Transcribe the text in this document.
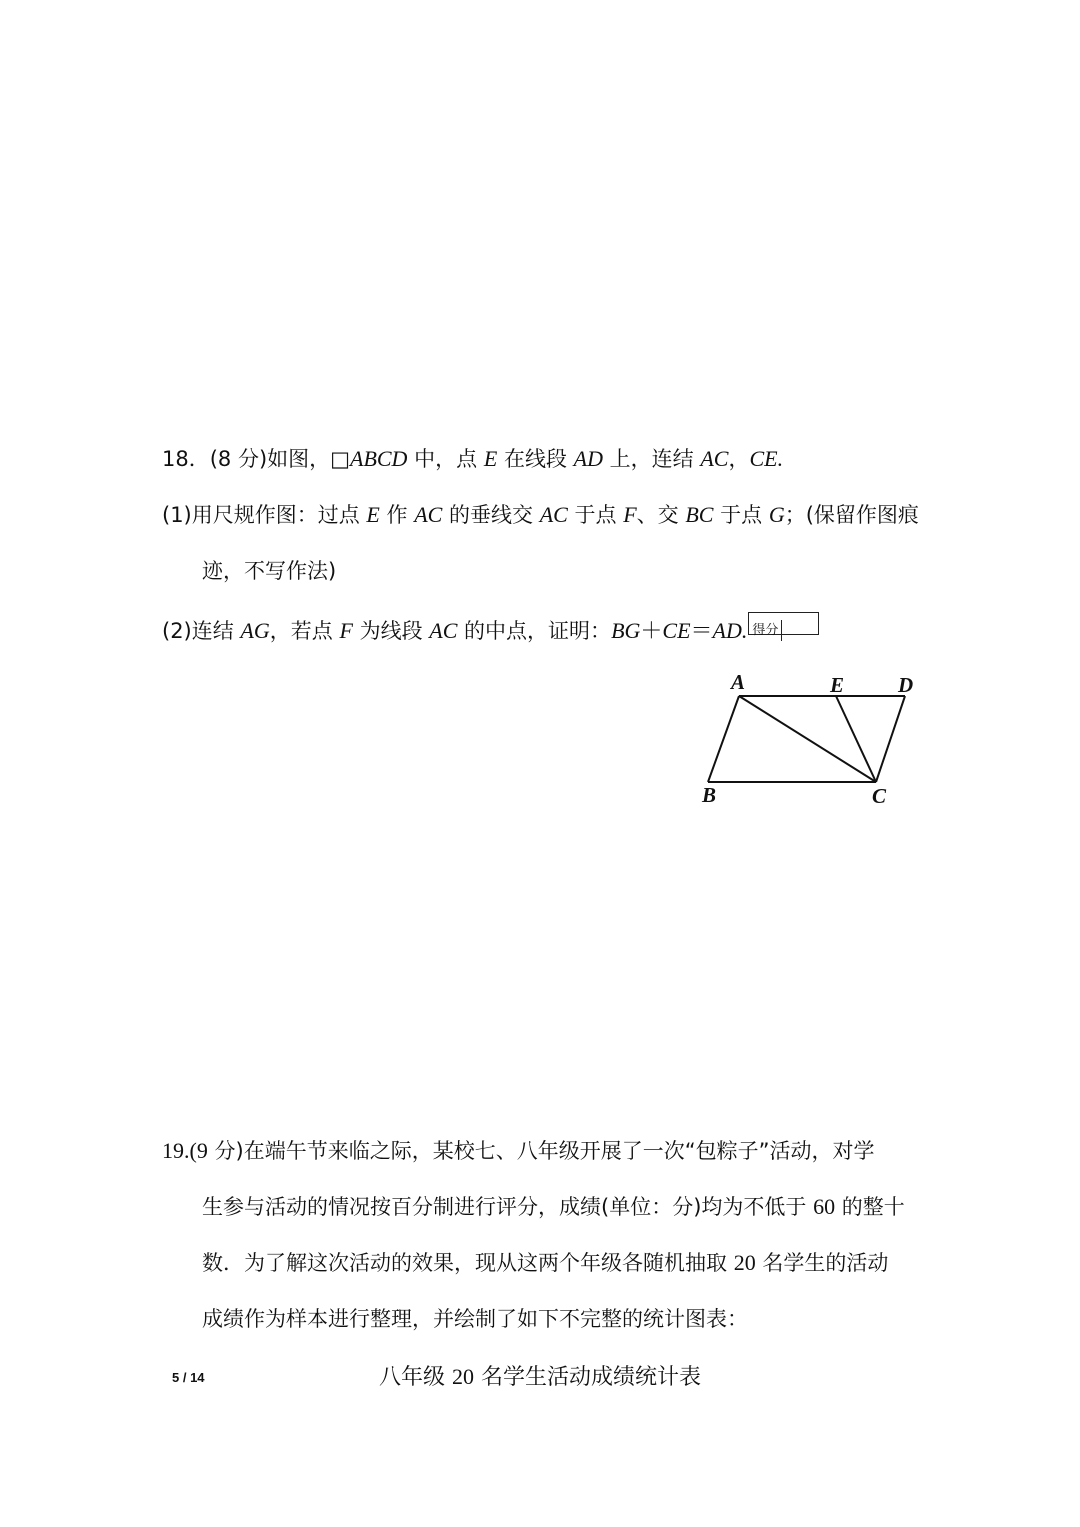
18．(8 分)如图，□ABCD 中，点 E 在线段 AD 上，连结 AC，CE.
(1)用尺规作图：过点 E 作 AC 的垂线交 AC 于点 F、交 BC 于点 G；(保留作图痕
迹，不写作法)
(2)连结 AG，若点 F 为线段 AC 的中点，证明：BG＋CE＝AD. 得分
A	E	D
B	C
19.(9 分)在端午节来临之际，某校七、八年级开展了一次“包粽子”活动，对学
生参与活动的情况按百分制进行评分，成绩(单位：分)均为不低于 60 的整十
数．为了解这次活动的效果，现从这两个年级各随机抽取 20 名学生的活动
成绩作为样本进行整理，并绘制了如下不完整的统计图表：
八年级 20 名学生活动成绩统计表
5 / 14
